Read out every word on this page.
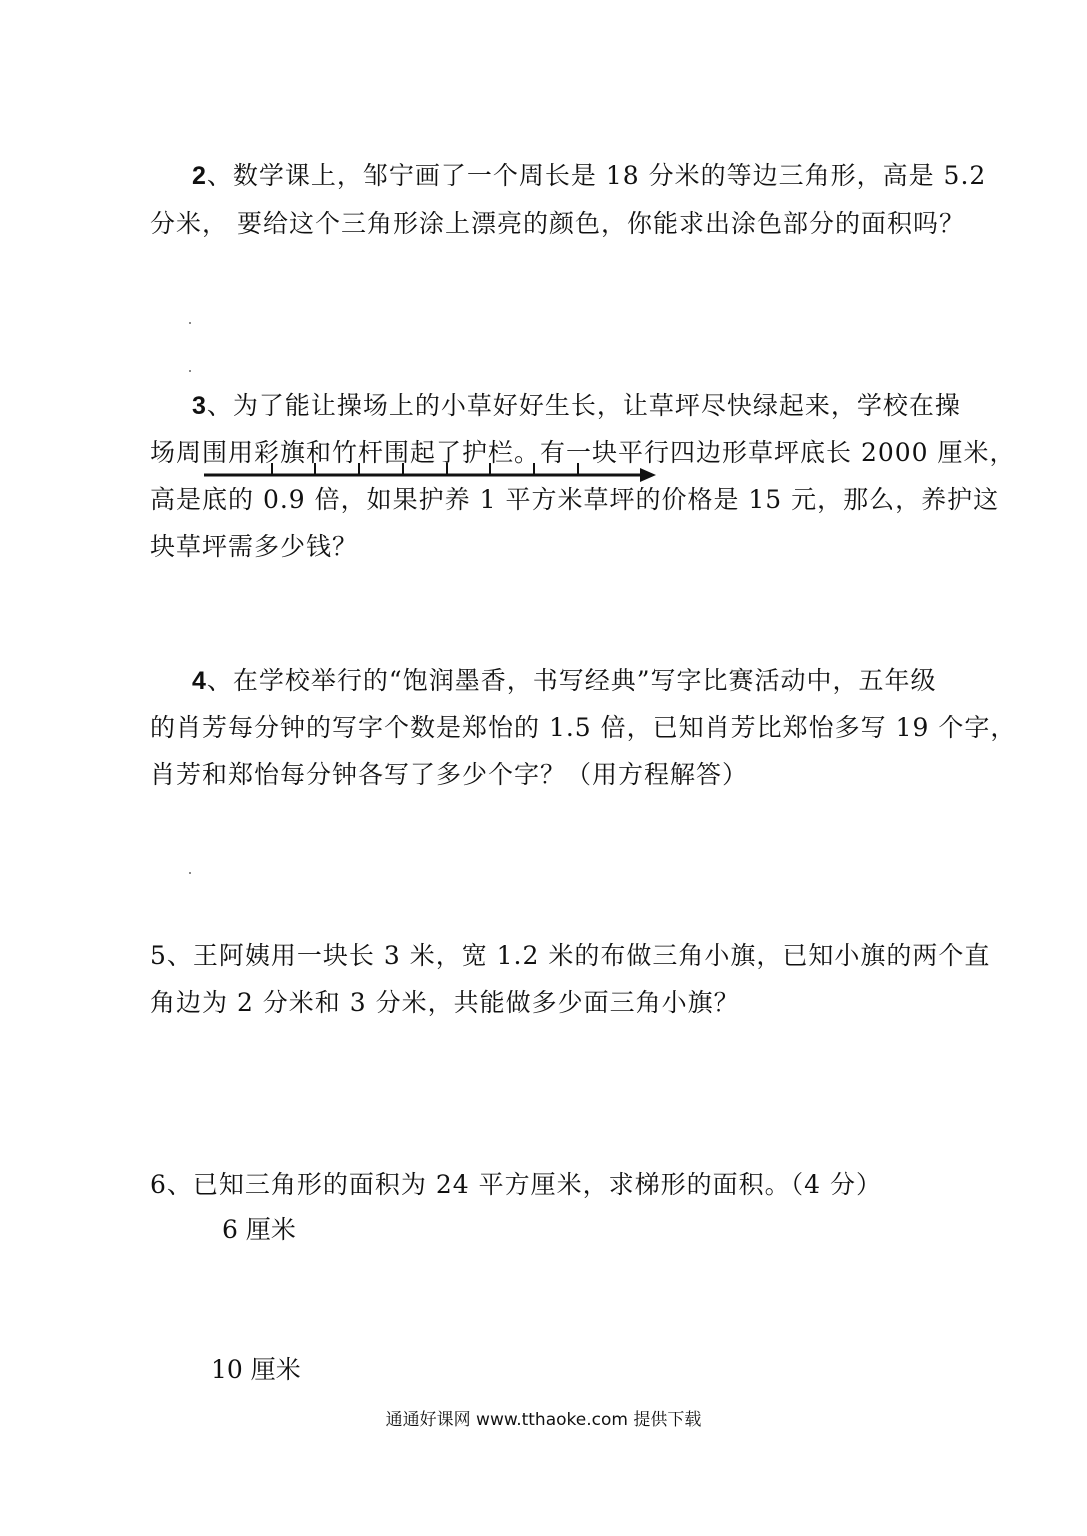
2、数学课上，邹宁画了一个周长是 18 分米的等边三角形，高是 5.2
分米， 要给这个三角形涂上漂亮的颜色，你能求出涂色部分的面积吗？
3、为了能让操场上的小草好好生长，让草坪尽快绿起来，学校在操
场周围用彩旗和竹杆围起了护栏。有一块平行四边形草坪底长 2000 厘米，
高是底的 0.9 倍，如果护养 1 平方米草坪的价格是 15 元，那么，养护这
块草坪需多少钱？
4、在学校举行的“饱润墨香，书写经典”写字比赛活动中，五年级
的肖芳每分钟的写字个数是郑怡的 1.5 倍，已知肖芳比郑怡多写 19 个字，
肖芳和郑怡每分钟各写了多少个字？（用方程解答）
5、王阿姨用一块长 3 米，宽 1.2 米的布做三角小旗，已知小旗的两个直
角边为 2 分米和 3 分米，共能做多少面三角小旗？
6、已知三角形的面积为 24 平方厘米，求梯形的面积。（4 分）
6 厘米
10 厘米
通通好课网 www.tthaoke.com 提供下载
